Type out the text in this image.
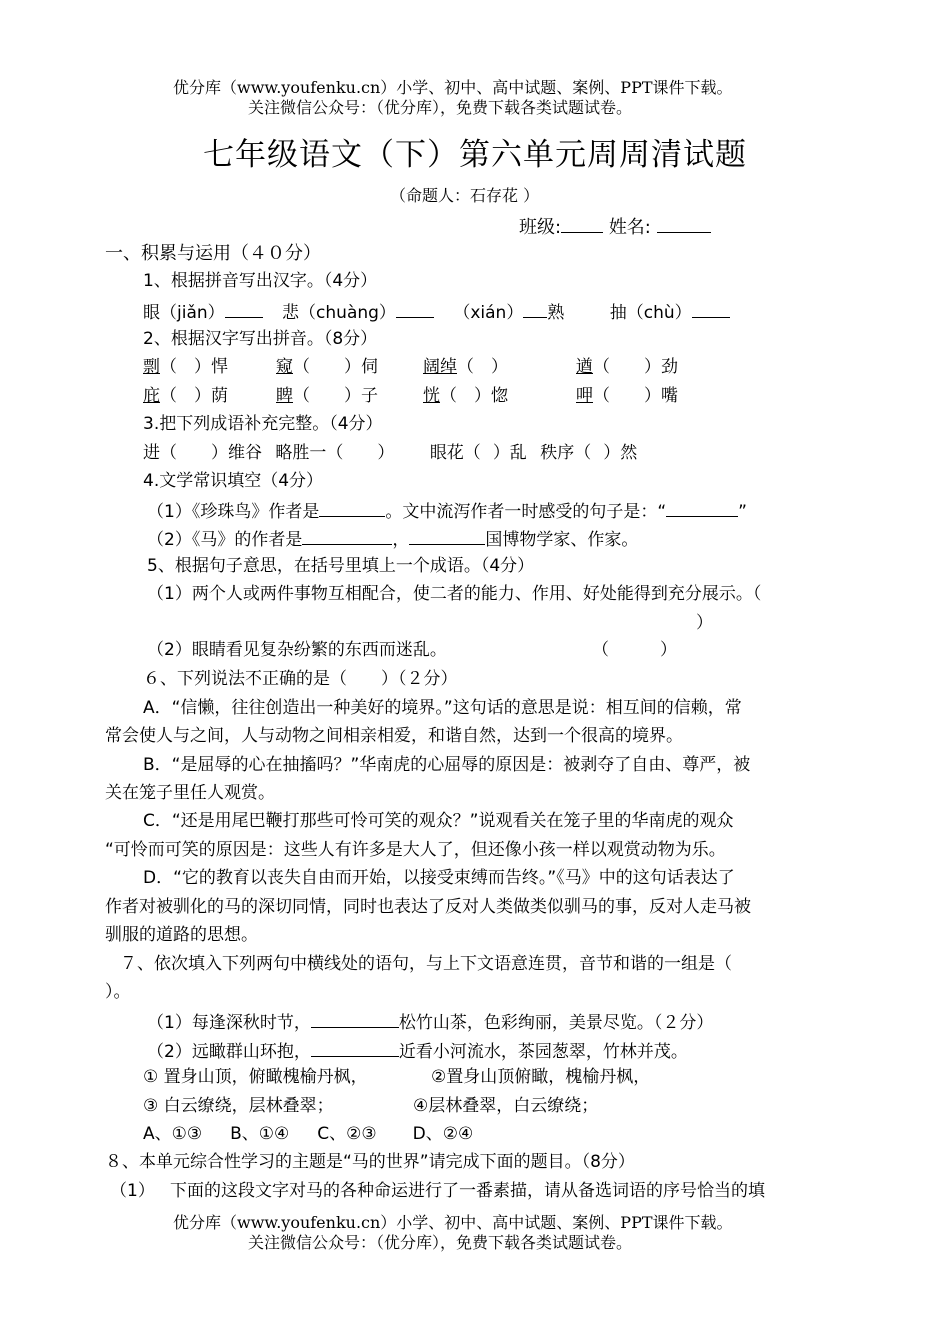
优分库（www.youfenku.cn）小学、初中、高中试题、案例、PPT课件下载。
关注微信公众号：（优分库），免费下载各类试题试卷。
七年级语文（下）第六单元周周清试题
（命题人：石存花 ）
班级:	姓名:
一、积累与运用（４０分）
1、根据拼音写出汉字。（4分）
眼（jiǎn）	悲（chuàng）	（xián） 熟	抽（chù）
2、根据汉字写出拼音。（8分）
剽（　）悍	窥（　　）伺	阔绰（　）	遒（　　）劲
庇（　）荫	睥（　　）子	恍（　）惚	呷（　　）嘴
3.把下列成语补充完整。（4分）
进（ ）维谷 略胜一（ ） 眼花（ ）乱 秩序（ ）然
4.文学常识填空（4分）
（1）《珍珠鸟》作者是	。文中流泻作者一时感受的句子是：“	”
（2）《马》的作者是	，	国博物学家、作家。
5、根据句子意思，在括号里填上一个成语。（4分）
（1）两个人或两件事物互相配合，使二者的能力、作用、好处能得到充分展示。（
）
（2）眼睛看见复杂纷繁的东西而迷乱。	（　　　）
６、下列说法不正确的是（　　）（２分）
A．“信懒，往往创造出一种美好的境界。”这句话的意思是说：相互间的信赖，常
常会使人与之间，人与动物之间相亲相爱，和谐自然，达到一个很高的境界。
B．“是屈辱的心在抽搐吗？”华南虎的心屈辱的原因是：被剥夺了自由、尊严，被
关在笼子里任人观赏。
C．“还是用尾巴鞭打那些可怜可笑的观众？”说观看关在笼子里的华南虎的观众
“可怜而可笑的原因是：这些人有许多是大人了，但还像小孩一样以观赏动物为乐。
D．“它的教育以丧失自由而开始，以接受束缚而告终。”《马》中的这句话表达了
作者对被驯化的马的深切同情，同时也表达了反对人类做类似驯马的事，反对人走马被
驯服的道路的思想。
７、依次填入下列两句中横线处的语句，与上下文语意连贯，音节和谐的一组是（
）。
（1）每逢深秋时节，	松竹山茶，色彩绚丽，美景尽览。（２分）
（2）远瞰群山环抱，	近看小河流水，茶园葱翠，竹林并茂。
① 置身山顶，俯瞰槐榆丹枫，	②置身山顶俯瞰，槐榆丹枫，
③ 白云缭绕，层林叠翠；	④层林叠翠，白云缭绕；
A、①③ B、①④ C、②③ D、②④
８、本单元综合性学习的主题是“马的世界”请完成下面的题目。（8分）
（1） 下面的这段文字对马的各种命运进行了一番素描，请从备选词语的序号恰当的填
优分库（www.youfenku.cn）小学、初中、高中试题、案例、PPT课件下载。
关注微信公众号：（优分库），免费下载各类试题试卷。
